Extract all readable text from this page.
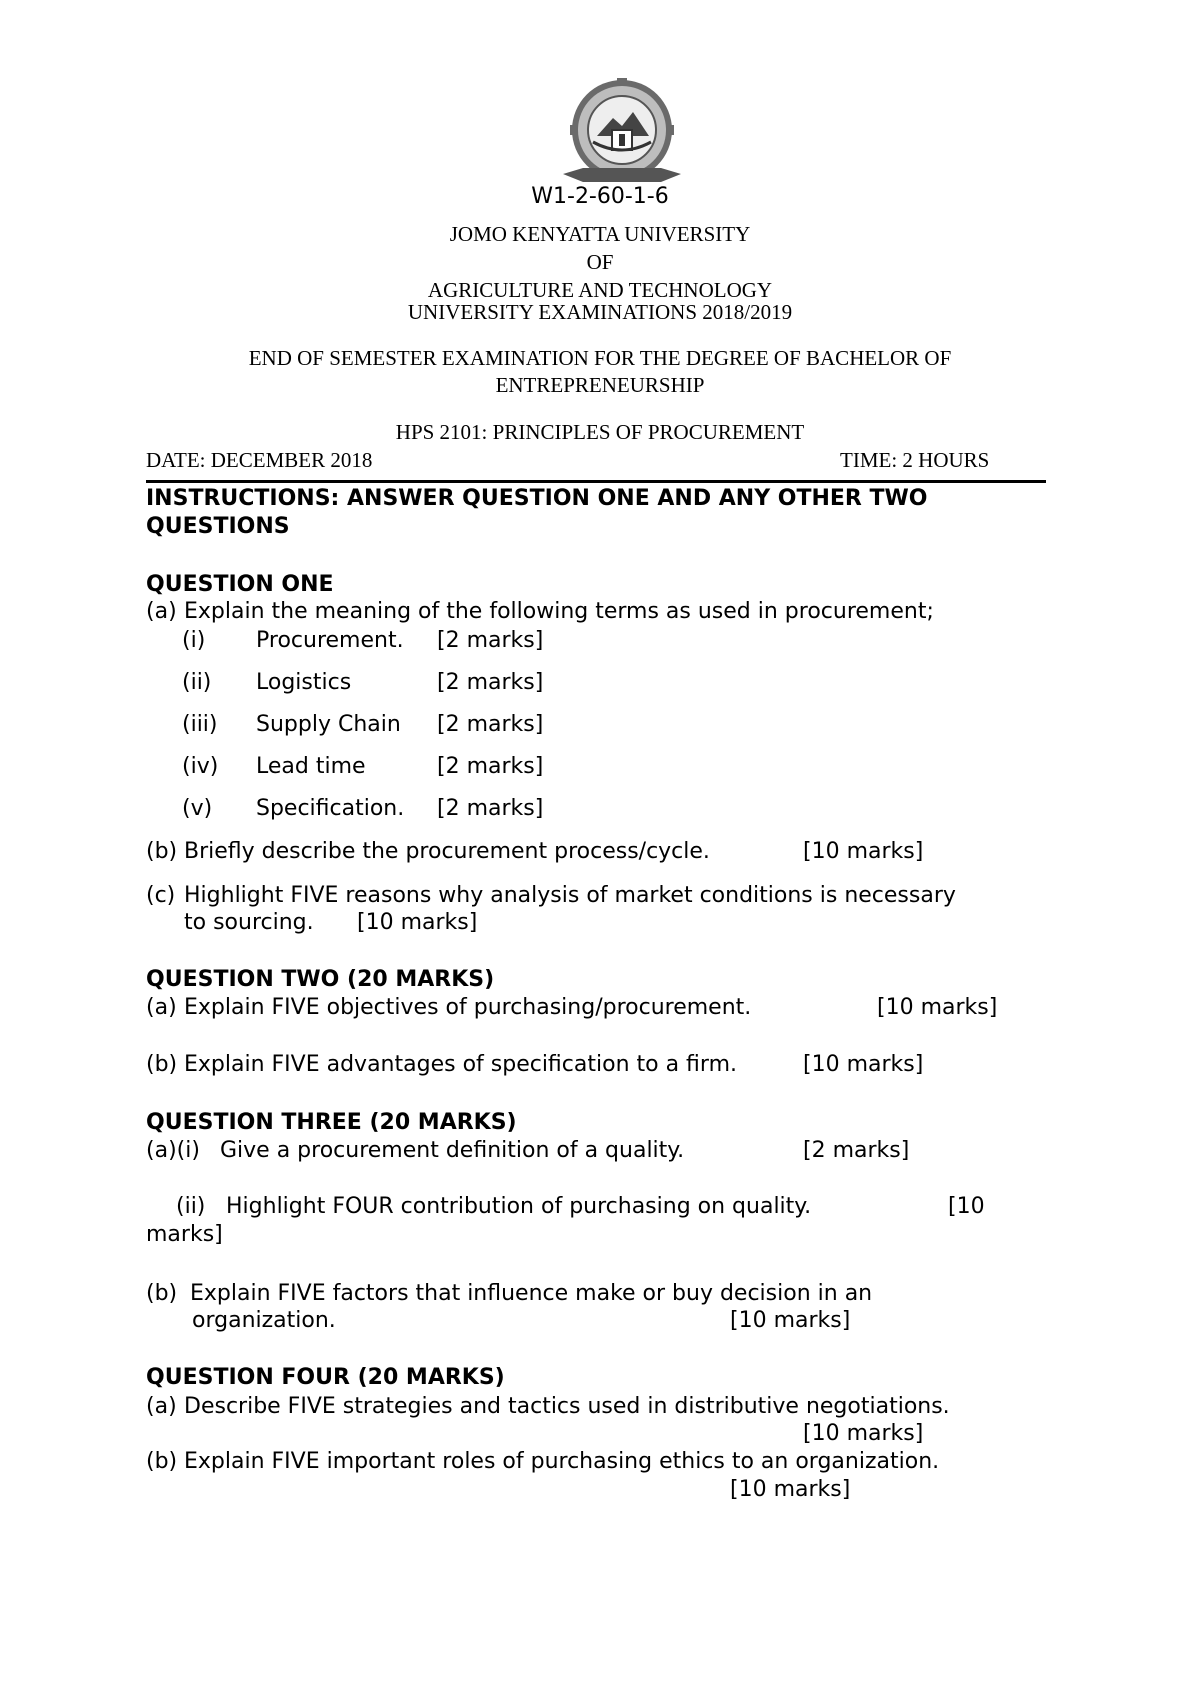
W1-2-60-1-6
JOMO KENYATTA UNIVERSITY
OF
AGRICULTURE AND TECHNOLOGY
UNIVERSITY EXAMINATIONS 2018/2019
END OF SEMESTER EXAMINATION FOR THE DEGREE OF BACHELOR OF
ENTREPRENEURSHIP
HPS 2101: PRINCIPLES OF PROCUREMENT
DATE: DECEMBER 2018	TIME: 2 HOURS
INSTRUCTIONS: ANSWER QUESTION ONE AND ANY OTHER TWO
QUESTIONS
QUESTION ONE
(a) Explain the meaning of the following terms as used in procurement;
(i) Procurement. [2 marks]
(ii) Logistics	[2 marks]
(iii) Supply Chain [2 marks]
(iv) Lead time	[2 marks]
(v) Specification. [2 marks]
(b) Briefly describe the procurement process/cycle.	[10 marks]
(c) Highlight FIVE reasons why analysis of market conditions is necessary
to sourcing. [10 marks]
QUESTION TWO (20 MARKS)
(a) Explain FIVE objectives of purchasing/procurement.	[10 marks]
(b) Explain FIVE advantages of specification to a firm.	[10 marks]
QUESTION THREE (20 MARKS)
(a)(i) Give a procurement definition of a quality.	[2 marks]
(ii) Highlight FOUR contribution of purchasing on quality.	[10
marks]
(b) Explain FIVE factors that influence make or buy decision in an
organization.	[10 marks]
QUESTION FOUR (20 MARKS)
(a) Describe FIVE strategies and tactics used in distributive negotiations.
[10 marks]
(b) Explain FIVE important roles of purchasing ethics to an organization.
[10 marks]
